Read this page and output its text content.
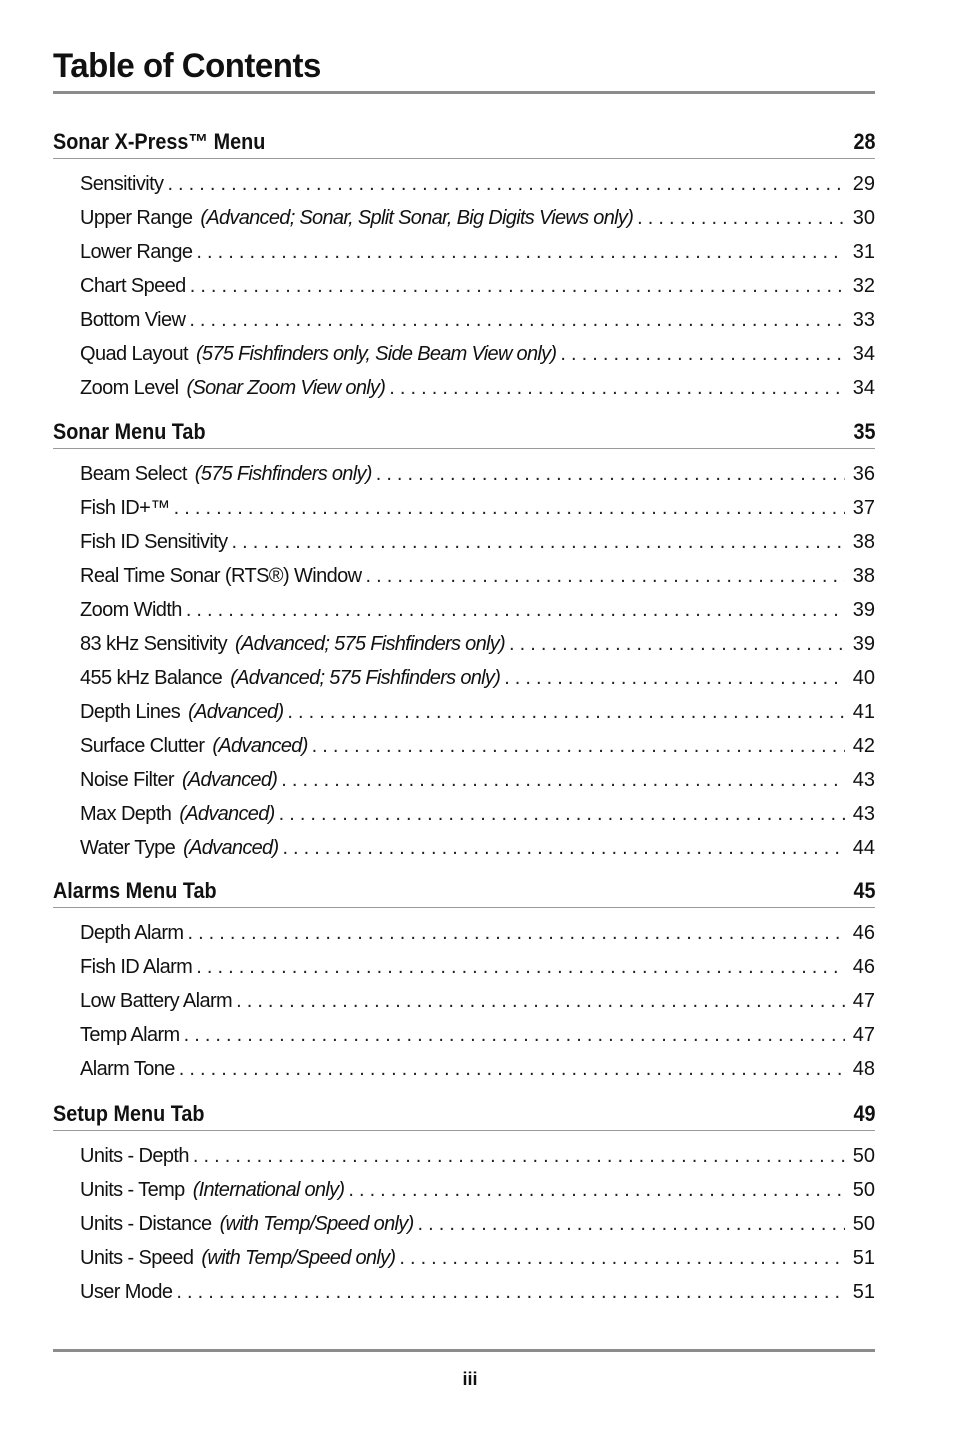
Table of Contents
Sonar X-Press™ Menu	28
Sensitivity . . .	29
Upper Range (Advanced; Sonar, Split Sonar, Big Digits Views only) . . .	30
Lower Range . . .	31
Chart Speed . . .	32
Bottom View . . .	33
Quad Layout (575 Fishfinders only, Side Beam View only) . . .	34
Zoom Level (Sonar Zoom View only) . . .	34
Sonar Menu Tab	35
Beam Select (575 Fishfinders only) . . .	36
Fish ID+™ . . .	37
Fish ID Sensitivity . . .	38
Real Time Sonar (RTS®) Window . . .	38
Zoom Width . . .	39
83 kHz Sensitivity (Advanced; 575 Fishfinders only) . . .	39
455 kHz Balance (Advanced; 575 Fishfinders only) . . .	40
Depth Lines (Advanced) . . .	41
Surface Clutter (Advanced) . . .	42
Noise Filter (Advanced) . . .	43
Max Depth (Advanced) . . .	43
Water Type (Advanced) . . .	44
Alarms Menu Tab	45
Depth Alarm . . .	46
Fish ID Alarm . . .	46
Low Battery Alarm . . .	47
Temp Alarm . . .	47
Alarm Tone . . .	48
Setup Menu Tab	49
Units - Depth . . .	50
Units - Temp (International only) . . .	50
Units - Distance (with Temp/Speed only) . . .	50
Units - Speed (with Temp/Speed only) . . .	51
User Mode . . .	51
iii
